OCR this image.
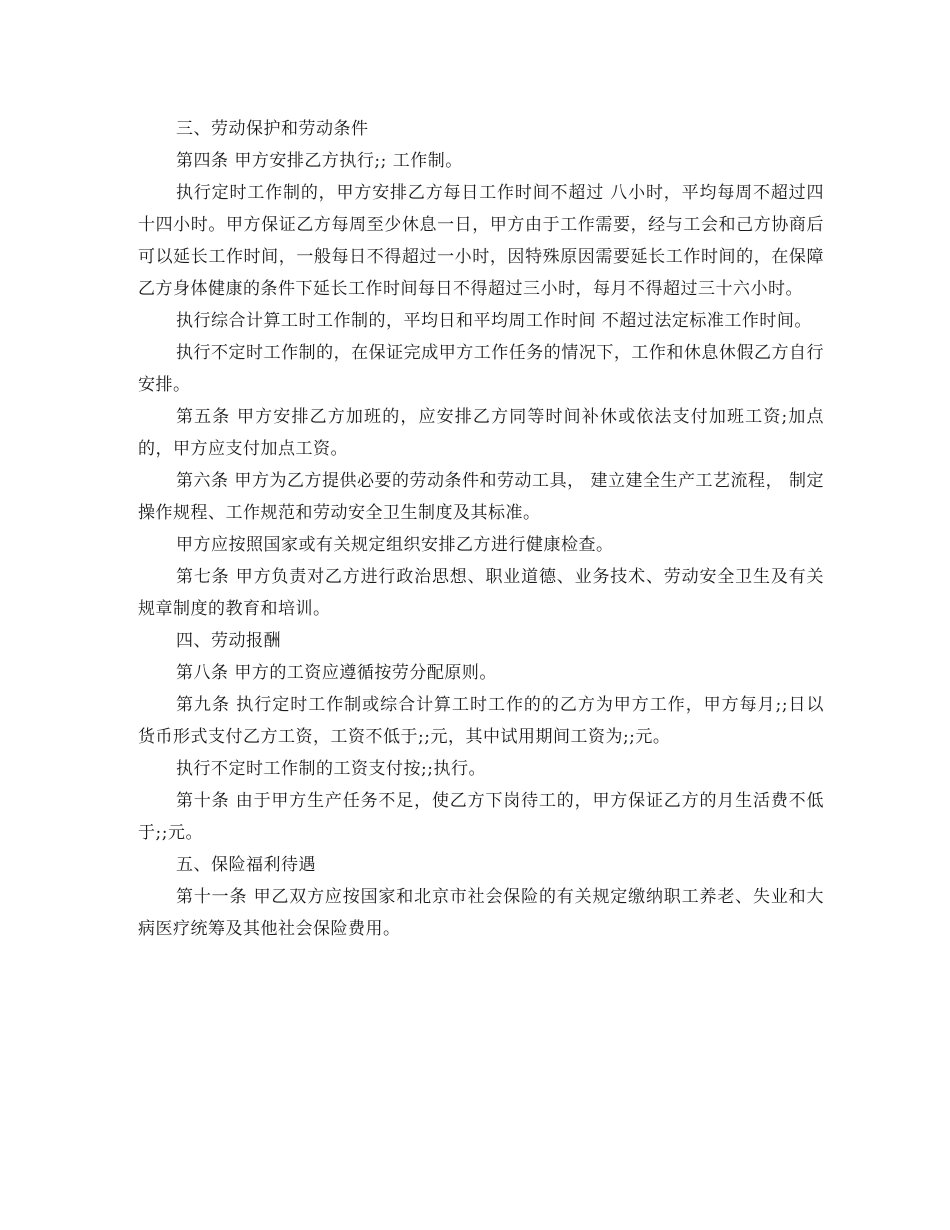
三、劳动保护和劳动条件

第四条 甲方安排乙方执行;; 工作制。

执行定时工作制的，甲方安排乙方每日工作时间不超过 八小时，平均每周不超过四十四小时。甲方保证乙方每周至少休息一日，甲方由于工作需要，经与工会和己方协商后可以延长工作时间，一般每日不得超过一小时，因特殊原因需要延长工作时间的，在保障乙方身体健康的条件下延长工作时间每日不得超过三小时，每月不得超过三十六小时。

执行综合计算工时工作制的，平均日和平均周工作时间 不超过法定标准工作时间。

执行不定时工作制的，在保证完成甲方工作任务的情况下，工作和休息休假乙方自行安排。

第五条 甲方安排乙方加班的，应安排乙方同等时间补休或依法支付加班工资;加点的，甲方应支付加点工资。

第六条 甲方为乙方提供必要的劳动条件和劳动工具， 建立建全生产工艺流程， 制定操作规程、工作规范和劳动安全卫生制度及其标准。

甲方应按照国家或有关规定组织安排乙方进行健康检查。

第七条 甲方负责对乙方进行政治思想、职业道德、业务技术、劳动安全卫生及有关规章制度的教育和培训。

四、劳动报酬

第八条 甲方的工资应遵循按劳分配原则。

第九条 执行定时工作制或综合计算工时工作的的乙方为甲方工作，甲方每月;;日以货币形式支付乙方工资，工资不低于;;元，其中试用期间工资为;;元。

执行不定时工作制的工资支付按;;执行。

第十条 由于甲方生产任务不足，使乙方下岗待工的，甲方保证乙方的月生活费不低于;;元。

五、保险福利待遇

第十一条 甲乙双方应按国家和北京市社会保险的有关规定缴纳职工养老、失业和大病医疗统筹及其他社会保险费用。
